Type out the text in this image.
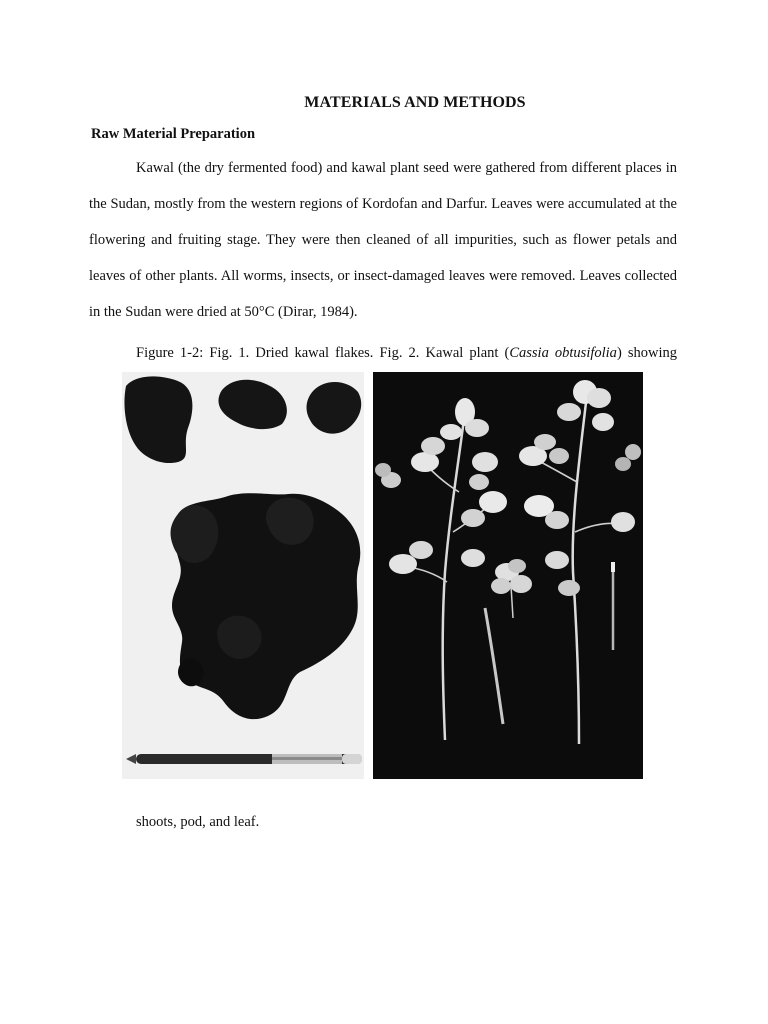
MATERIALS AND METHODS
Raw Material Preparation

Kawal (the dry fermented food) and kawal plant seed were gathered from different places in the Sudan, mostly from the western regions of Kordofan and Darfur. Leaves were accumulated at the flowering and fruiting stage. They were then cleaned of all impurities, such as flower petals and leaves of other plants. All worms, insects, or insect-damaged leaves were removed. Leaves collected in the Sudan were dried at 50°C (Dirar, 1984).

Figure 1-2: Fig. 1. Dried kawal flakes. Fig. 2. Kawal plant (Cassia obtusifolia) showing
shoots, pod, and leaf.
